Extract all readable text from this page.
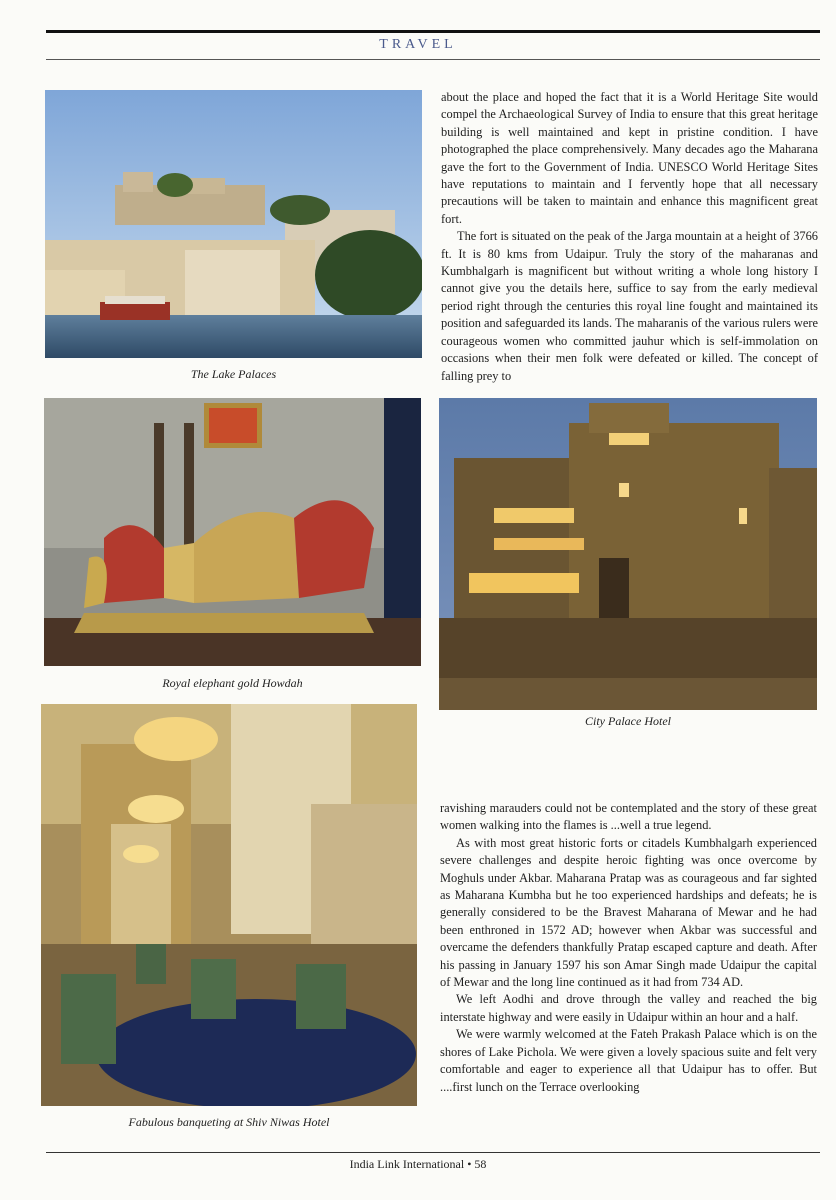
TRAVEL
The Lake Palaces
Royal elephant gold Howdah
City Palace Hotel
Fabulous banqueting at Shiv Niwas Hotel

about the place and hoped the fact that it is a World Heritage Site would compel the Archaeological Survey of India to ensure that this great heritage building is well maintained and kept in pristine condition. I have photographed the place comprehensively. Many decades ago the Maharana gave the fort to the Government of India. UNESCO World Heritage Sites have reputations to maintain and I fervently hope that all necessary precautions will be taken to maintain and enhance this magnificent great fort.

The fort is situated on the peak of the Jarga mountain at a height of 3766 ft. It is 80 kms from Udaipur. Truly the story of the maharanas and Kumbhalgarh is magnificent but without writing a whole long history I cannot give you the details here, suffice to say from the early medieval period right through the centuries this royal line fought and maintained its position and safeguarded its lands. The maharanis of the various rulers were courageous women who committed jauhur which is self-immolation on occasions when their men folk were defeated or killed. The concept of falling prey to

ravishing marauders could not be contemplated and the story of these great women walking into the flames is ...well a true legend.

As with most great historic forts or citadels Kumbhalgarh experienced severe challenges and despite heroic fighting was once overcome by Moghuls under Akbar. Maharana Pratap was as courageous and far sighted as Maharana Kumbha but he too experienced hardships and defeats; he is generally considered to be the Bravest Maharana of Mewar and he had been enthroned in 1572 AD; however when Akbar was successful and overcame the defenders thankfully Pratap escaped capture and death. After his passing in January 1597 his son Amar Singh made Udaipur the capital of Mewar and the long line continued as it had from 734 AD.

We left Aodhi and drove through the valley and reached the big interstate highway and were easily in Udaipur within an hour and a half.

We were warmly welcomed at the Fateh Prakash Palace which is on the shores of Lake Pichola. We were given a lovely spacious suite and felt very comfortable and eager to experience all that Udaipur has to offer. But ....first lunch on the Terrace overlooking

India Link International • 58
